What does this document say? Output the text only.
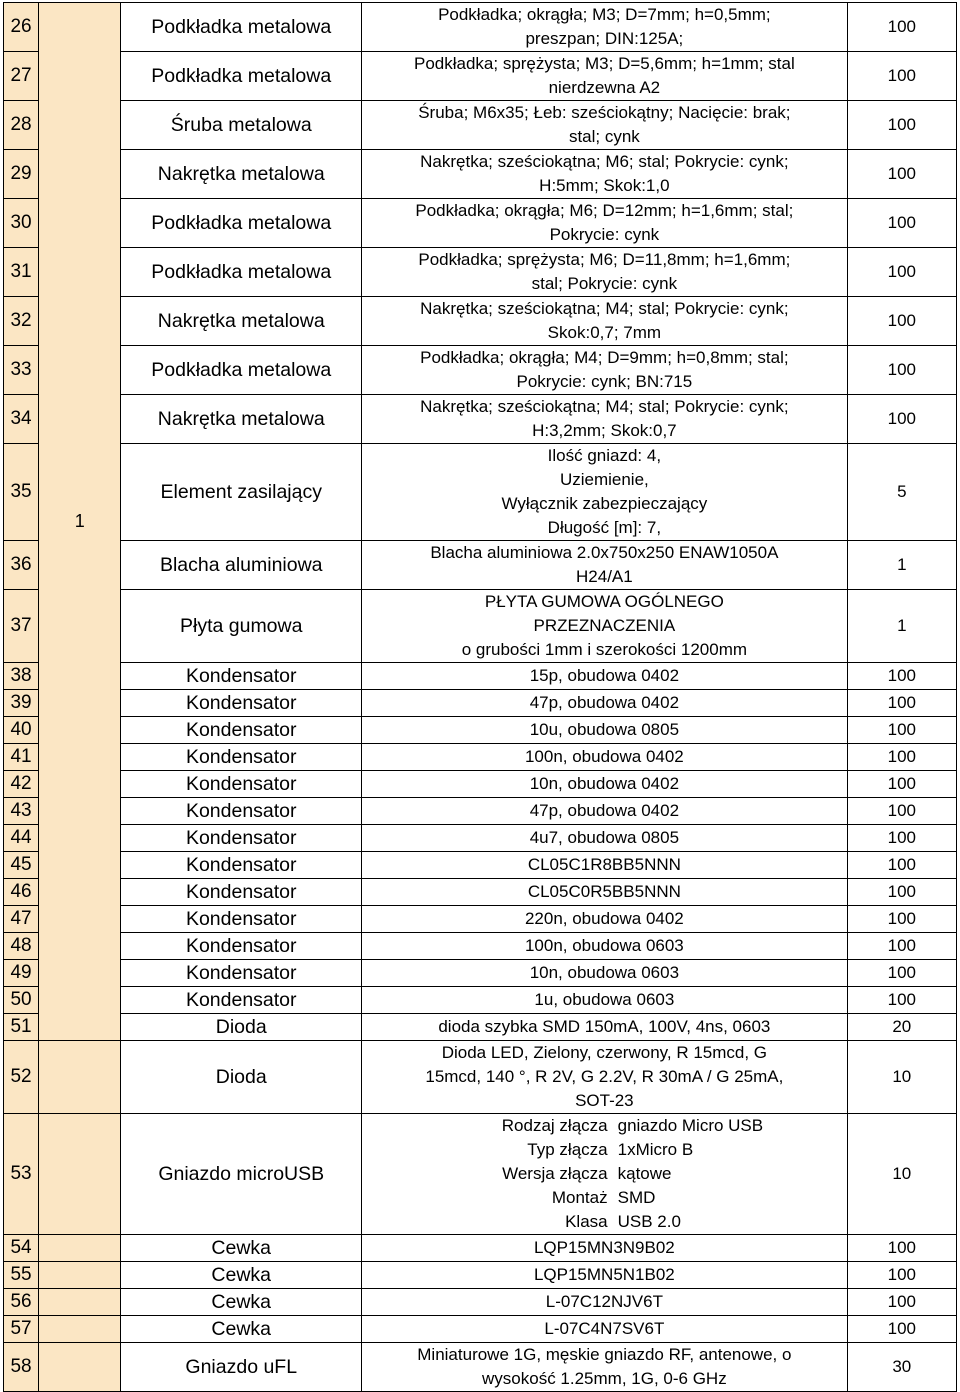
26	1	Podkładka metalowa	Podkładka; okrągła; M3; D=7mm; h=0,5mm;
preszpan; DIN:125A;	100
27		Podkładka metalowa	Podkładka; sprężysta; M3; D=5,6mm; h=1mm; stal
nierdzewna A2	100
28		Śruba metalowa	Śruba; M6x35; Łeb: sześciokątny; Nacięcie: brak;
stal; cynk	100
29		Nakrętka metalowa	Nakrętka; sześciokątna; M6; stal; Pokrycie: cynk;
H:5mm; Skok:1,0	100
30		Podkładka metalowa	Podkładka; okrągła; M6; D=12mm; h=1,6mm; stal;
Pokrycie: cynk	100
31		Podkładka metalowa	Podkładka; sprężysta; M6; D=11,8mm; h=1,6mm;
stal; Pokrycie: cynk	100
32		Nakrętka metalowa	Nakrętka; sześciokątna; M4; stal; Pokrycie: cynk;
Skok:0,7; 7mm	100
33		Podkładka metalowa	Podkładka; okrągła; M4; D=9mm; h=0,8mm; stal;
Pokrycie: cynk; BN:715	100
34		Nakrętka metalowa	Nakrętka; sześciokątna; M4; stal; Pokrycie: cynk;
H:3,2mm; Skok:0,7	100
35		Element zasilający	Ilość gniazd: 4,
Uziemienie,
Wyłącznik zabezpieczający
Długość [m]: 7,	5
36		Blacha aluminiowa	Blacha aluminiowa 2.0x750x250 ENAW1050A
H24/A1	1
37		Płyta gumowa	PŁYTA GUMOWA OGÓLNEGO
PRZEZNACZENIA
o grubości 1mm i szerokości 1200mm	1
38		Kondensator	15p, obudowa 0402	100
39		Kondensator	47p, obudowa 0402	100
40		Kondensator	10u, obudowa 0805	100
41		Kondensator	100n, obudowa 0402	100
42		Kondensator	10n, obudowa 0402	100
43		Kondensator	47p, obudowa 0402	100
44		Kondensator	4u7, obudowa 0805	100
45		Kondensator	CL05C1R8BB5NNN	100
46		Kondensator	CL05C0R5BB5NNN	100
47		Kondensator	220n, obudowa 0402	100
48		Kondensator	100n, obudowa 0603	100
49		Kondensator	10n, obudowa 0603	100
50		Kondensator	1u, obudowa 0603	100
51		Dioda	dioda szybka SMD 150mA, 100V, 4ns, 0603	20
52		Dioda	Dioda LED, Zielony, czerwony, R 15mcd, G
15mcd, 140 °, R 2V, G 2.2V, R 30mA / G 25mA,
SOT-23	10
53		Gniazdo microUSB	Rodzaj złącza gniazdo Micro USB
Typ złącza 1xMicro B
Wersja złącza kątowe
Montaż SMD
Klasa USB 2.0	10
54		Cewka	LQP15MN3N9B02	100
55		Cewka	LQP15MN5N1B02	100
56		Cewka	L-07C12NJV6T	100
57		Cewka	L-07C4N7SV6T	100
58		Gniazdo uFL	Miniaturowe 1G, męskie gniazdo RF, antenowe, o
wysokość 1.25mm, 1G, 0-6 GHz	30
